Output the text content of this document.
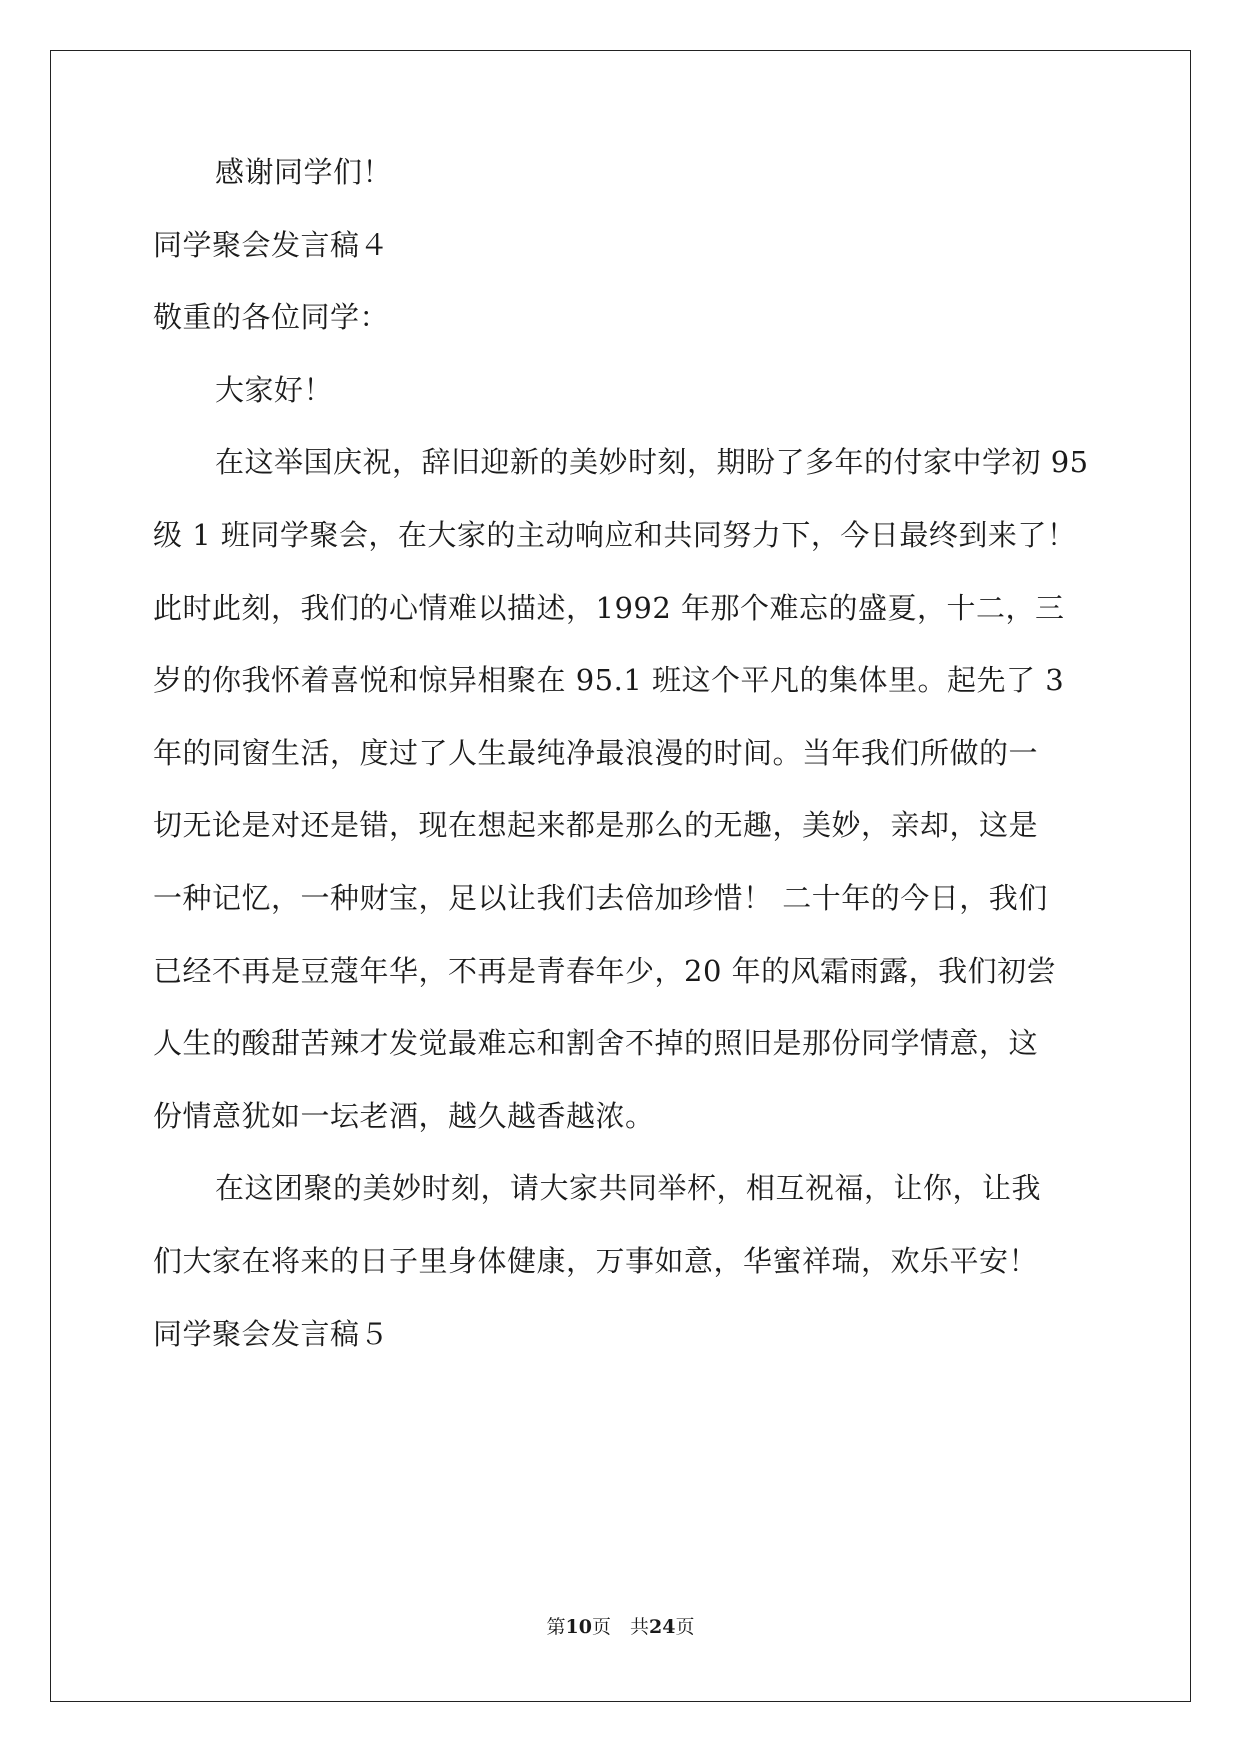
感谢同学们！
同学聚会发言稿４
敬重的各位同学：
大家好！
在这举国庆祝，辞旧迎新的美妙时刻，期盼了多年的付家中学初 95
级 1 班同学聚会，在大家的主动响应和共同努力下，今日最终到来了！
此时此刻，我们的心情难以描述，1992 年那个难忘的盛夏，十二，三
岁的你我怀着喜悦和惊异相聚在 95.1 班这个平凡的集体里。起先了 3
年的同窗生活，度过了人生最纯净最浪漫的时间。当年我们所做的一
切无论是对还是错，现在想起来都是那么的无趣，美妙，亲却，这是
一种记忆，一种财宝，足以让我们去倍加珍惜！ 二十年的今日，我们
已经不再是豆蔻年华，不再是青春年少，20 年的风霜雨露，我们初尝
人生的酸甜苦辣才发觉最难忘和割舍不掉的照旧是那份同学情意，这
份情意犹如一坛老酒，越久越香越浓。
在这团聚的美妙时刻，请大家共同举杯，相互祝福，让你，让我
们大家在将来的日子里身体健康，万事如意，华蜜祥瑞，欢乐平安！
同学聚会发言稿５
第10页　共24页
